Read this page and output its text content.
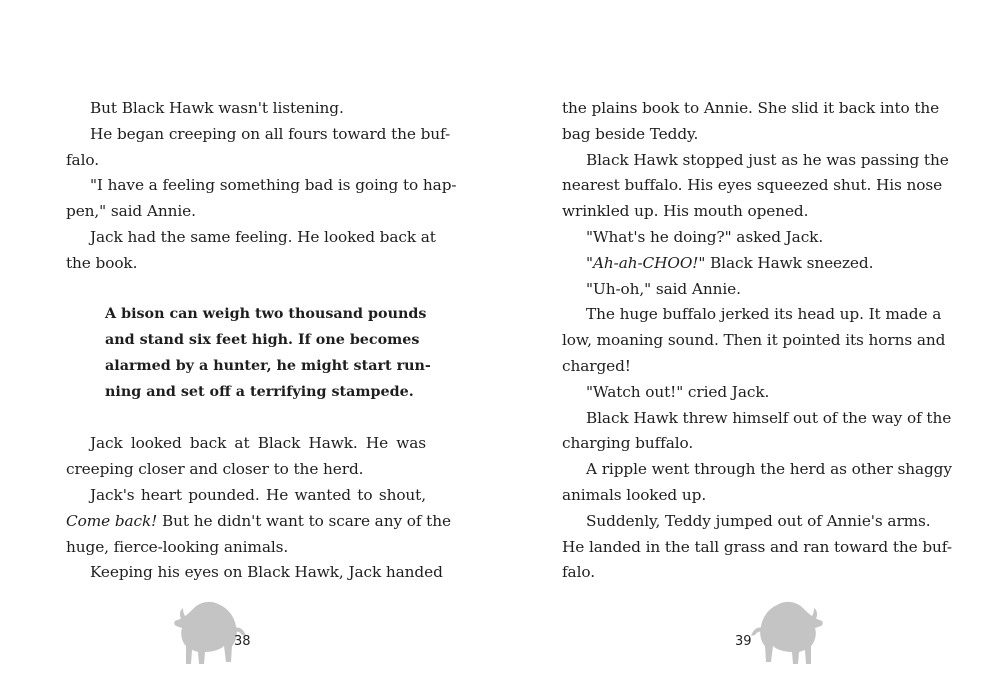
But Black Hawk wasn't listening.
He began creeping on all fours toward the buf-
falo.
"I have a feeling something bad is going to hap-
pen," said Annie.
Jack had the same feeling. He looked back at
the book.
A bison can weigh two thousand pounds
and stand six feet high. If one becomes
alarmed by a hunter, he might start run-
ning and set off a terrifying stampede.
Jack looked back at Black Hawk. He was
creeping closer and closer to the herd.
Jack's heart pounded. He wanted to shout,
Come back! But he didn't want to scare any of the
huge, fierce-looking animals.
Keeping his eyes on Black Hawk, Jack handed
the plains book to Annie. She slid it back into the
bag beside Teddy.
Black Hawk stopped just as he was passing the
nearest buffalo. His eyes squeezed shut. His nose
wrinkled up. His mouth opened.
"What's he doing?" asked Jack.
"Ah-ah-CHOO!" Black Hawk sneezed.
"Uh-oh," said Annie.
The huge buffalo jerked its head up. It made a
low, moaning sound. Then it pointed its horns and
charged!
"Watch out!" cried Jack.
Black Hawk threw himself out of the way of the
charging buffalo.
A ripple went through the herd as other shaggy
animals looked up.
Suddenly, Teddy jumped out of Annie's arms.
He landed in the tall grass and ran toward the buf-
falo.
38	39
